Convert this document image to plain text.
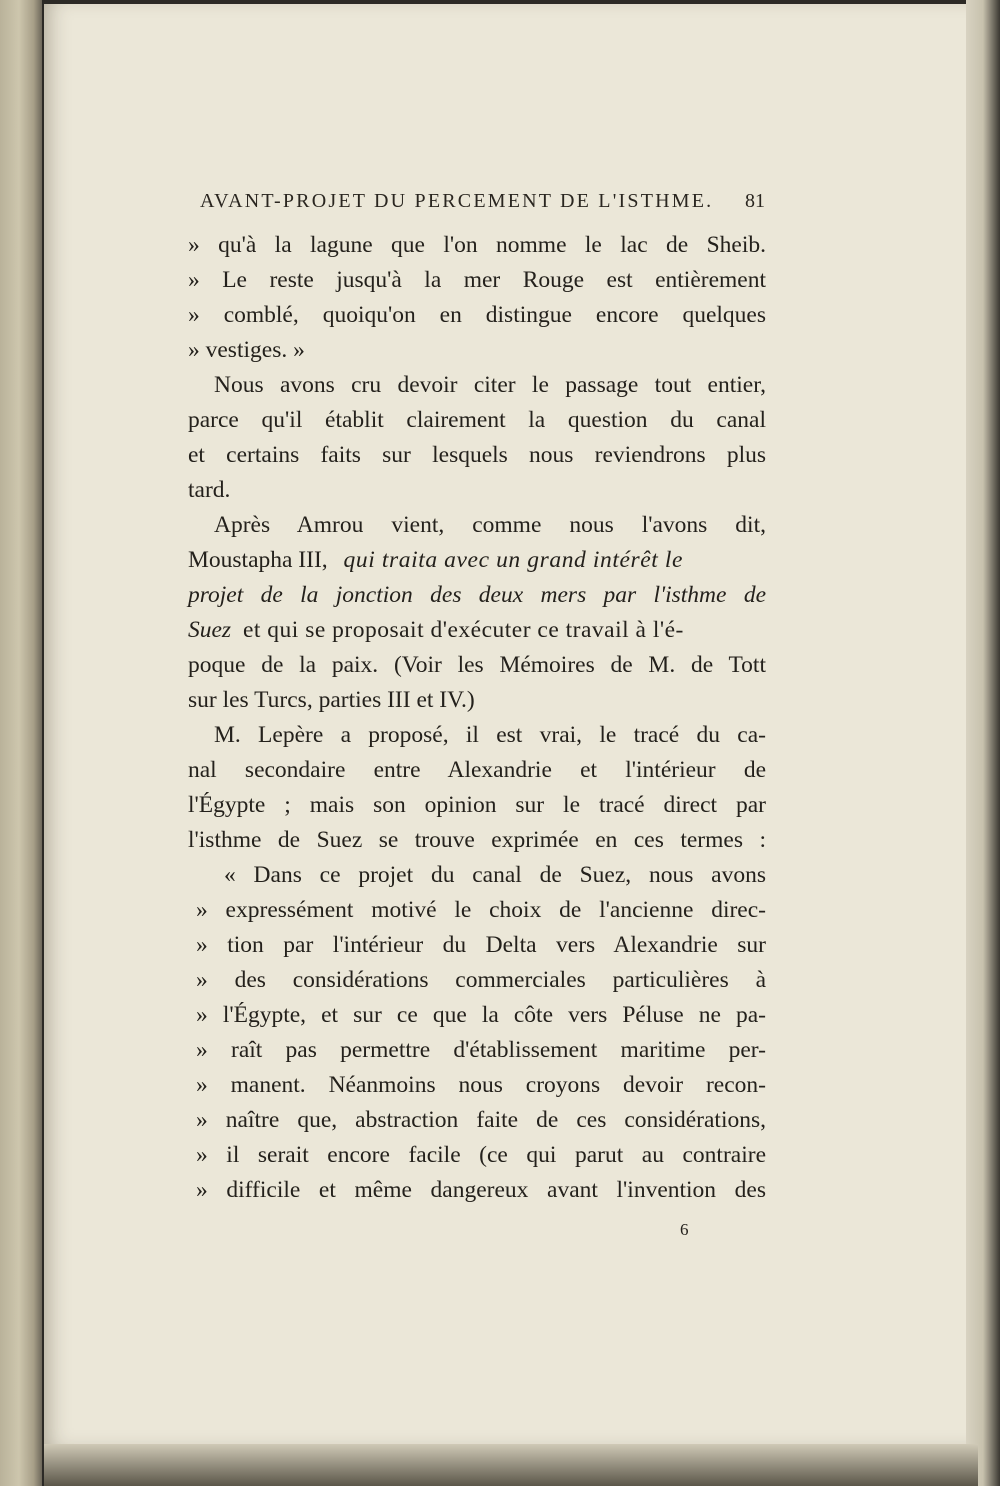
AVANT-PROJET DU PERCEMENT DE L'ISTHME. 81
» qu'à la lagune que l'on nomme le lac de Sheib.
» Le reste jusqu'à la mer Rouge est entièrement
» comblé, quoiqu'on en distingue encore quelques
» vestiges. »
Nous avons cru devoir citer le passage tout entier,
parce qu'il établit clairement la question du canal
et certains faits sur lesquels nous reviendrons plus
tard.
Après Amrou vient, comme nous l'avons dit,
Moustapha III, qui traita avec un grand intérêt le
projet de la jonction des deux mers par l'isthme de
Suez et qui se proposait d'exécuter ce travail à l'é-
poque de la paix. (Voir les Mémoires de M. de Tott
sur les Turcs, parties III et IV.)
M. Lepère a proposé, il est vrai, le tracé du ca-
nal secondaire entre Alexandrie et l'intérieur de
l'Égypte ; mais son opinion sur le tracé direct par
l'isthme de Suez se trouve exprimée en ces termes :
« Dans ce projet du canal de Suez, nous avons
» expressément motivé le choix de l'ancienne direc-
» tion par l'intérieur du Delta vers Alexandrie sur
» des considérations commerciales particulières à
» l'Égypte, et sur ce que la côte vers Péluse ne pa-
» raît pas permettre d'établissement maritime per-
» manent. Néanmoins nous croyons devoir recon-
» naître que, abstraction faite de ces considérations,
» il serait encore facile (ce qui parut au contraire
» difficile et même dangereux avant l'invention des
6
